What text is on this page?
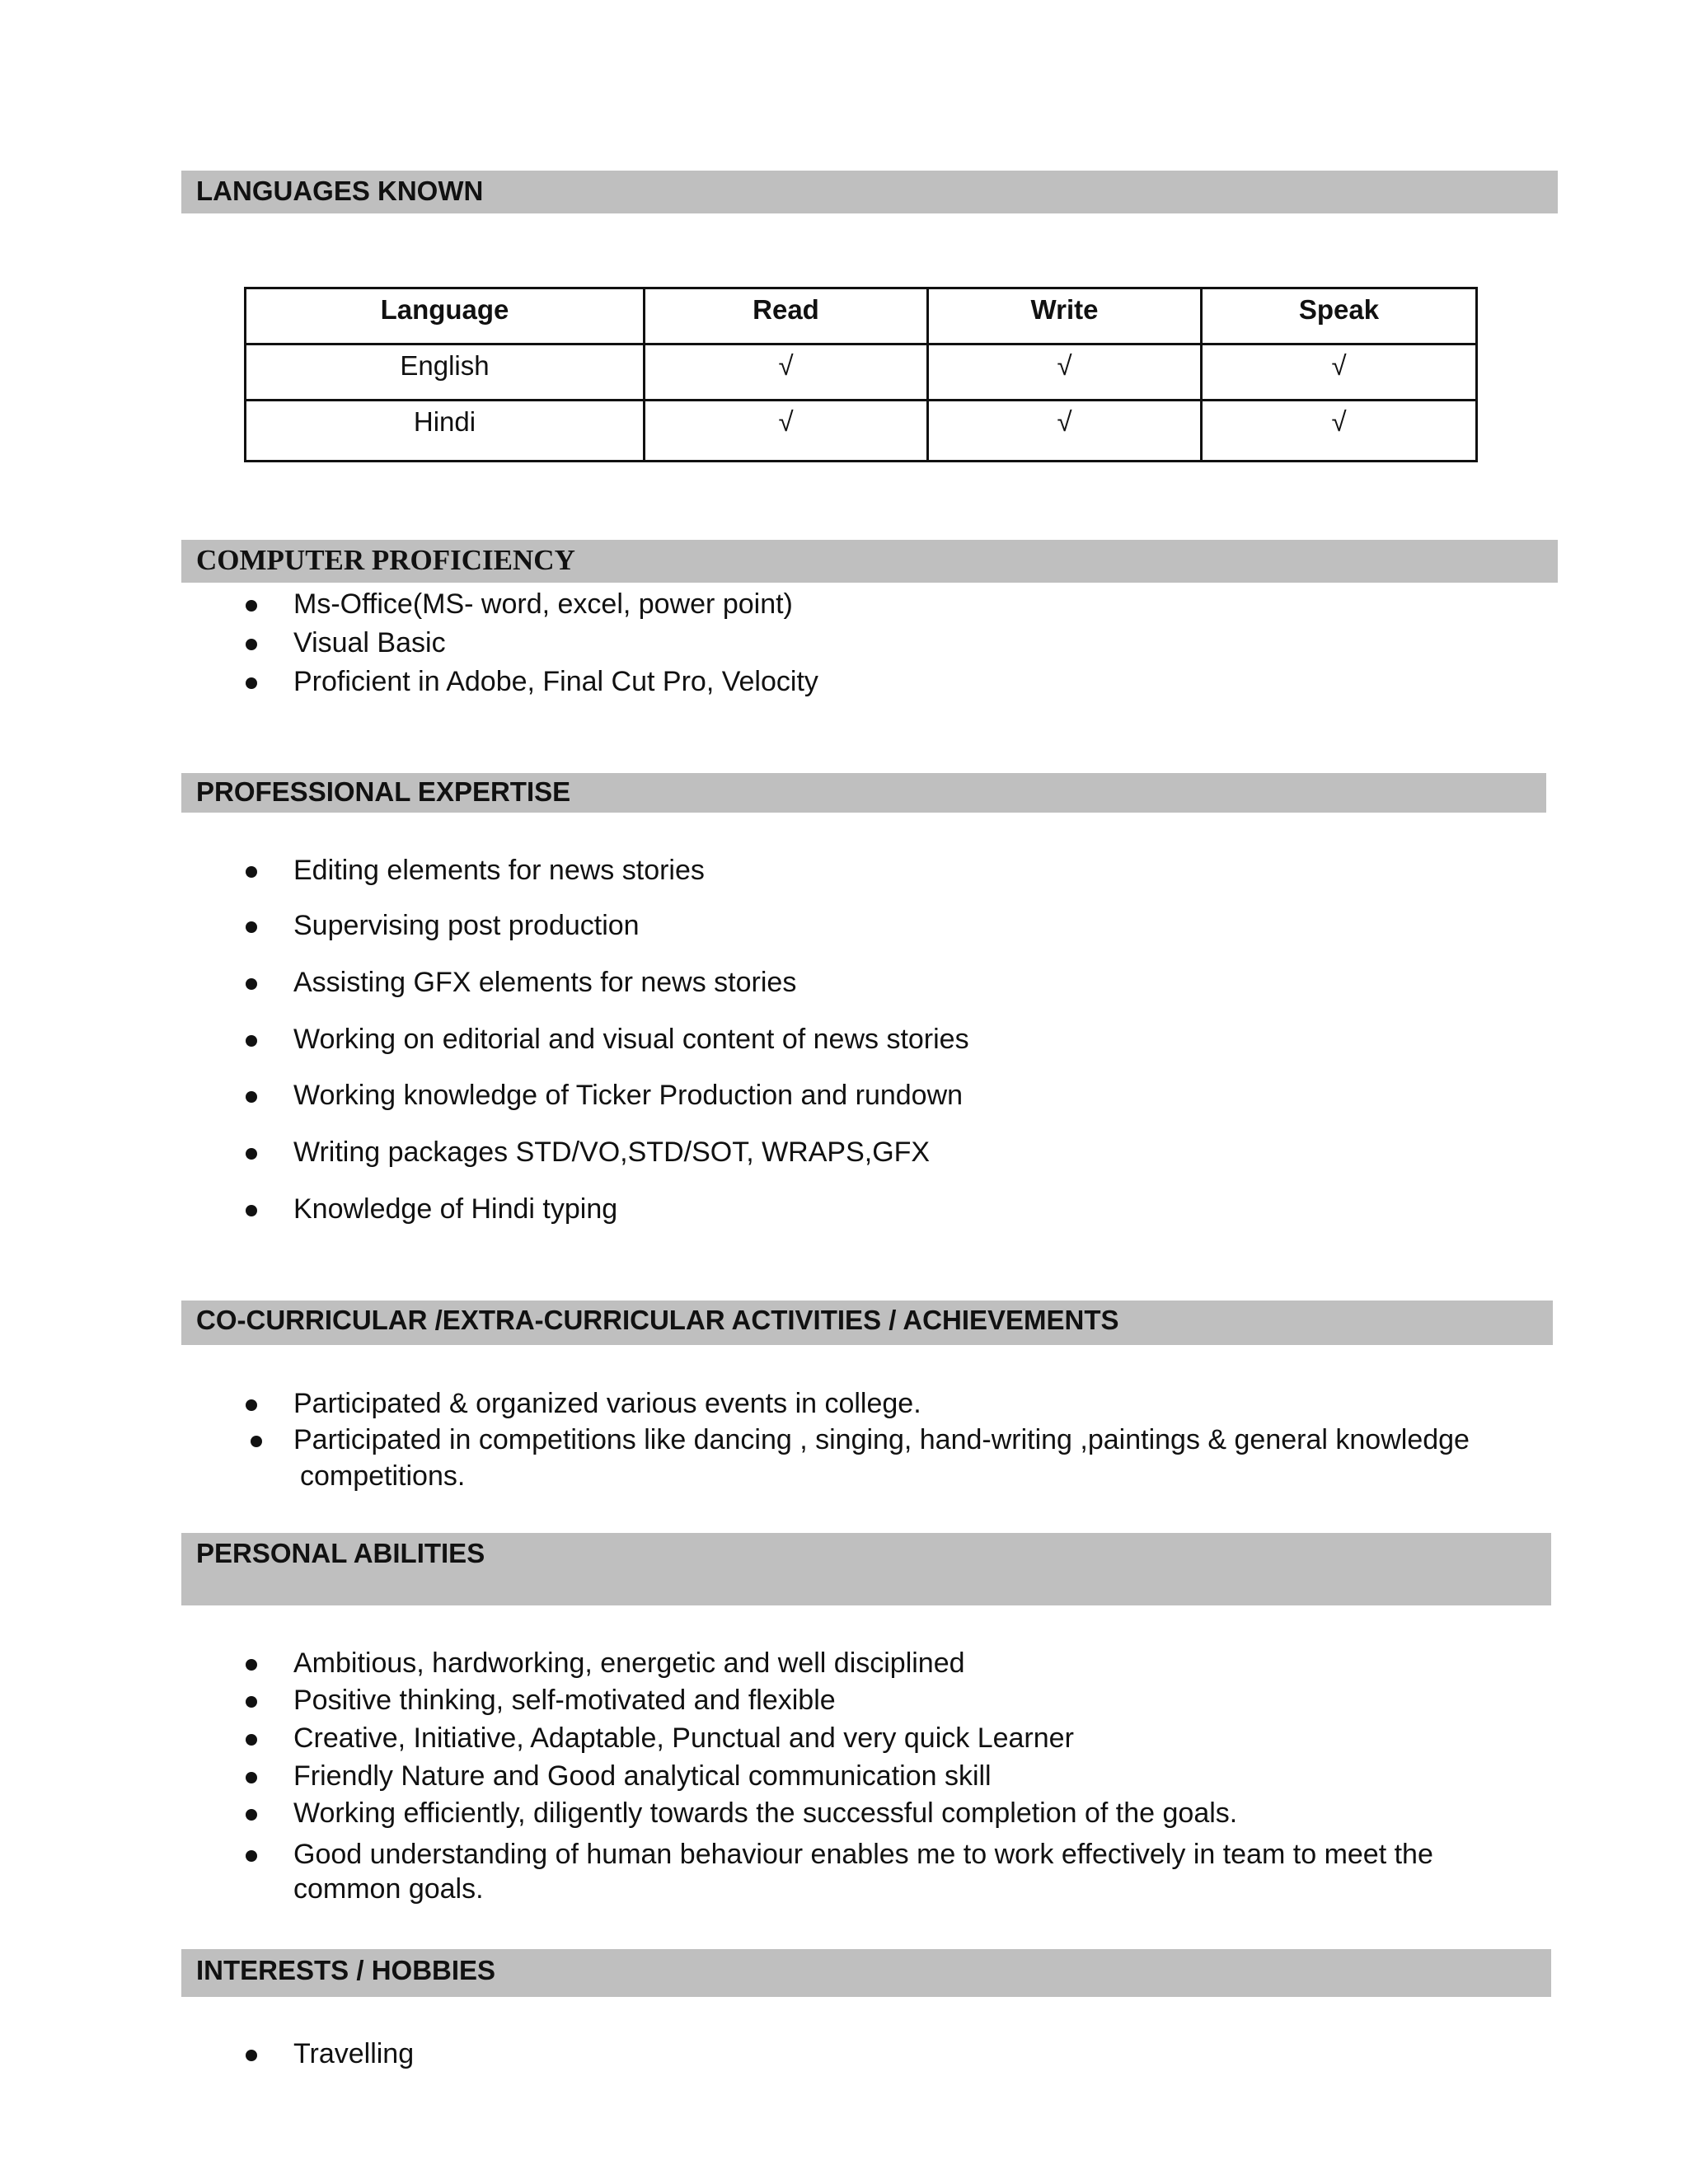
LANGUAGES KNOWN
Language	Read	Write	Speak
English	√	√	√
Hindi	√	√	√
COMPUTER PROFICIENCY
Ms-Office(MS- word, excel, power point)
Visual Basic
Proficient in Adobe, Final Cut Pro, Velocity
PROFESSIONAL EXPERTISE
Editing elements for news stories
Supervising post production
Assisting GFX elements for news stories
Working on editorial and visual content of news stories
Working knowledge of Ticker Production and rundown
Writing packages STD/VO,STD/SOT, WRAPS,GFX
Knowledge of Hindi typing
CO-CURRICULAR /EXTRA-CURRICULAR ACTIVITIES / ACHIEVEMENTS
Participated & organized various events in college.
Participated in competitions like dancing , singing, hand-writing ,paintings & general knowledge
competitions.
PERSONAL ABILITIES
Ambitious, hardworking, energetic and well disciplined
Positive thinking, self-motivated and flexible
Creative, Initiative, Adaptable, Punctual and very quick Learner
Friendly Nature and Good analytical communication skill
Working efficiently, diligently towards the successful completion of the goals.
Good understanding of human behaviour enables me to work effectively in team to meet the
common goals.
INTERESTS / HOBBIES
Travelling
